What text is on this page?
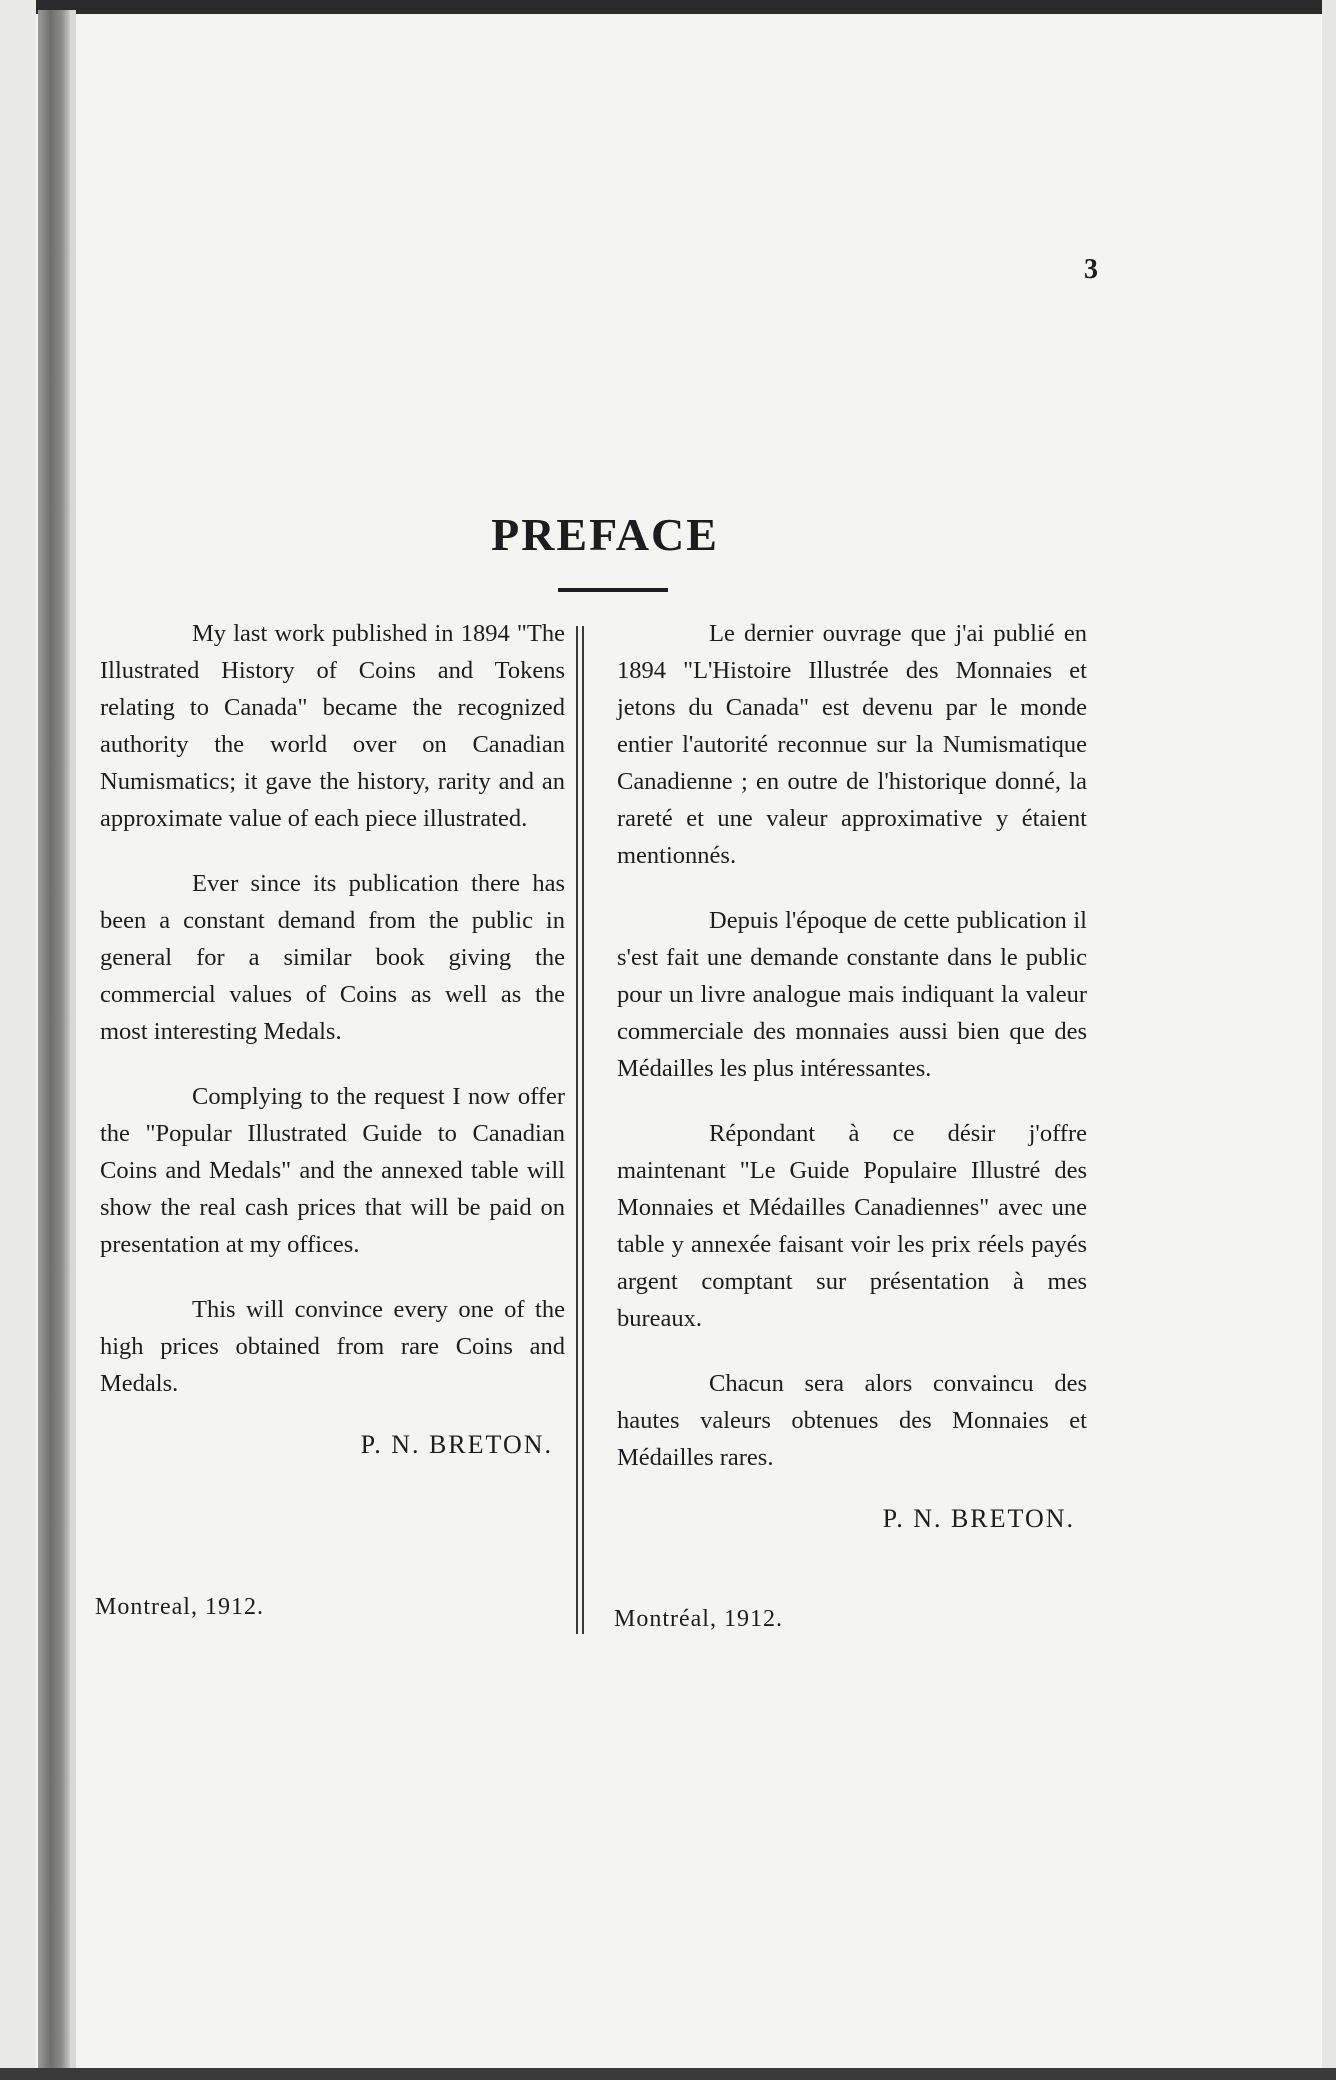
3
PREFACE

My last work published in 1894 "The Illustrated History of Coins and Tokens relating to Canada" became the recognized authority the world over on Canadian Numismatics; it gave the history, rarity and an approximate value of each piece illustrated.

Ever since its publication there has been a constant demand from the public in general for a similar book giving the commercial values of Coins as well as the most interesting Medals.

Complying to the request I now offer the "Popular Illustrated Guide to Canadian Coins and Medals" and the annexed table will show the real cash prices that will be paid on presentation at my offices.

This will convince every one of the high prices obtained from rare Coins and Medals.

P. N. BRETON.

Le dernier ouvrage que j'ai publié en 1894 "L'Histoire Illustrée des Monnaies et jetons du Canada" est devenu par le monde entier l'autorité reconnue sur la Numismatique Canadienne ; en outre de l'historique donné, la rareté et une valeur approximative y étaient mentionnés.

Depuis l'époque de cette publication il s'est fait une demande constante dans le public pour un livre analogue mais indiquant la valeur commerciale des monnaies aussi bien que des Médailles les plus intéressantes.

Répondant à ce désir j'offre maintenant "Le Guide Populaire Illustré des Monnaies et Médailles Canadiennes" avec une table y annexée faisant voir les prix réels payés argent comptant sur présentation à mes bureaux.

Chacun sera alors convaincu des hautes valeurs obtenues des Monnaies et Médailles rares.

P. N. BRETON.
Montreal, 1912.	Montréal, 1912.
